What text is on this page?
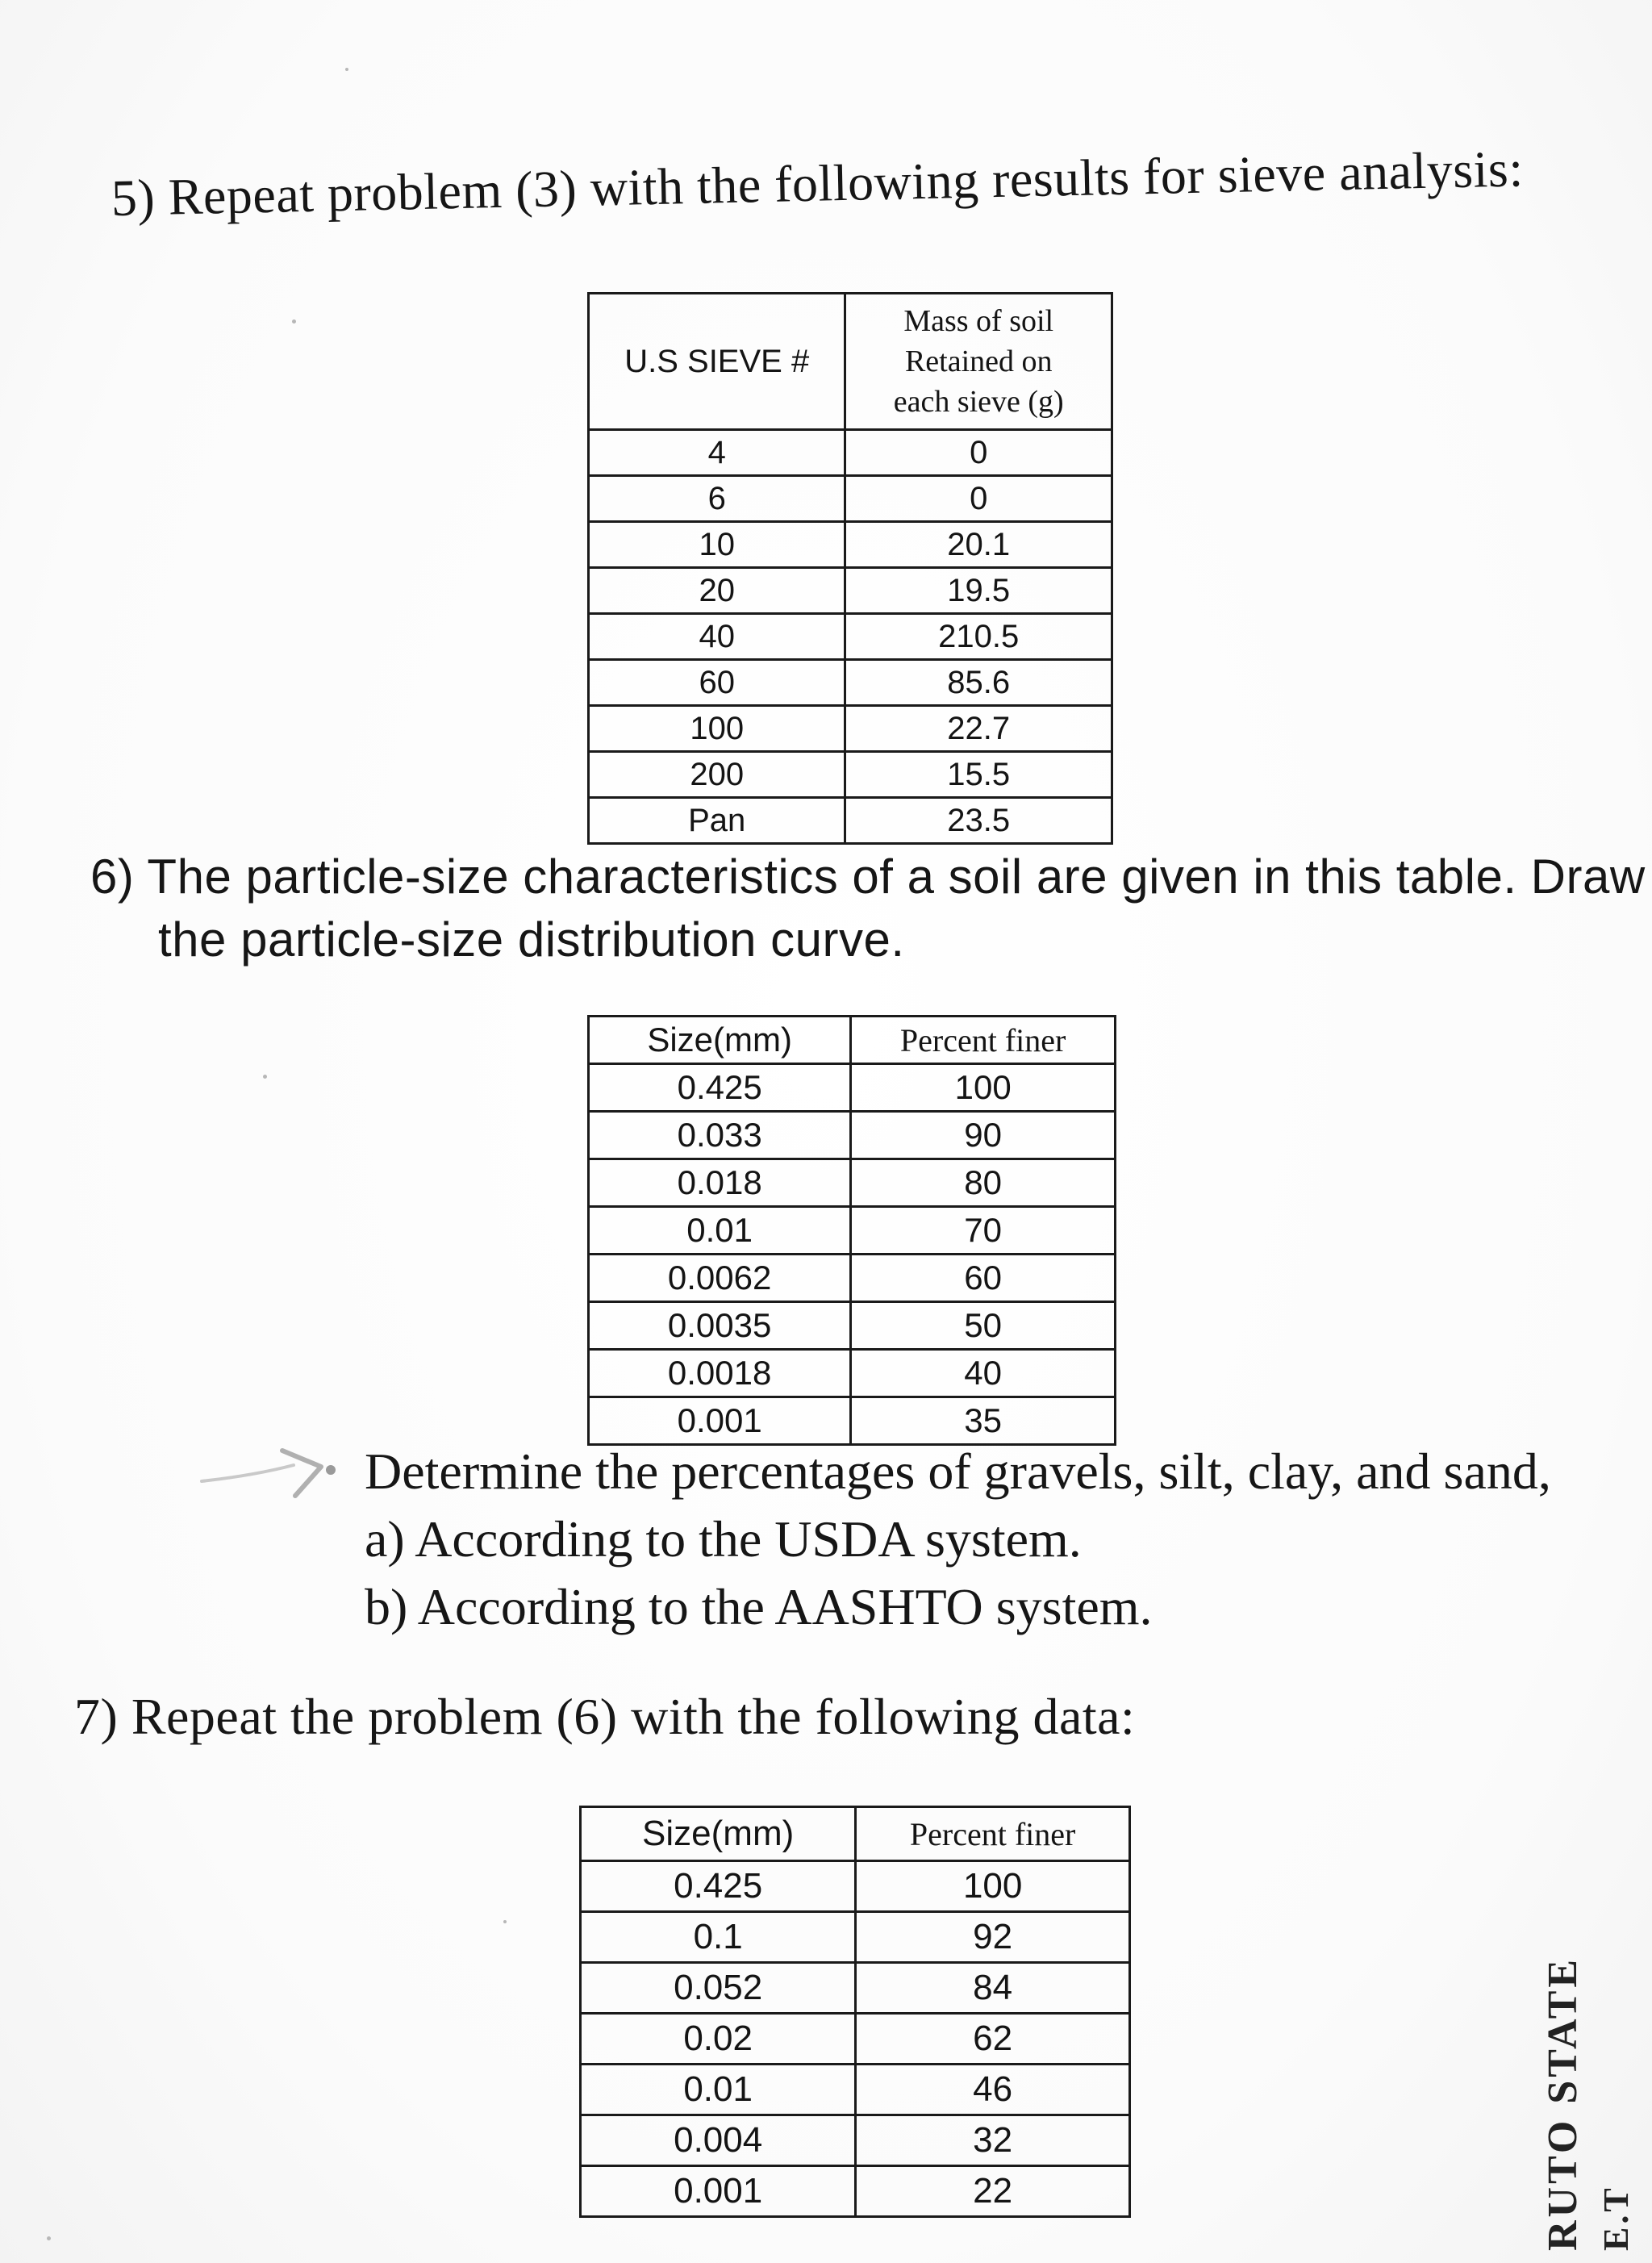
5) Repeat problem (3) with the following results for sieve analysis:
U.S SIEVE #	Mass of soil
Retained on
each sieve (g)
4	0
6	0
10	20.1
20	19.5
40	210.5
60	85.6
100	22.7
200	15.5
Pan	23.5
6) The particle-size characteristics of a soil are given in this table. Draw
the particle-size distribution curve.
Size(mm)	Percent finer
0.425	100
0.033	90
0.018	80
0.01	70
0.0062	60
0.0035	50
0.0018	40
0.001	35
Determine the percentages of gravels, silt, clay, and sand,
a) According to the USDA system.
b) According to the AASHTO system.
7) Repeat the problem (6) with the following data:
Size(mm)	Percent finer
0.425	100
0.1	92
0.052	84
0.02	62
0.01	46
0.004	32
0.001	22	RUTO STATE E.T
